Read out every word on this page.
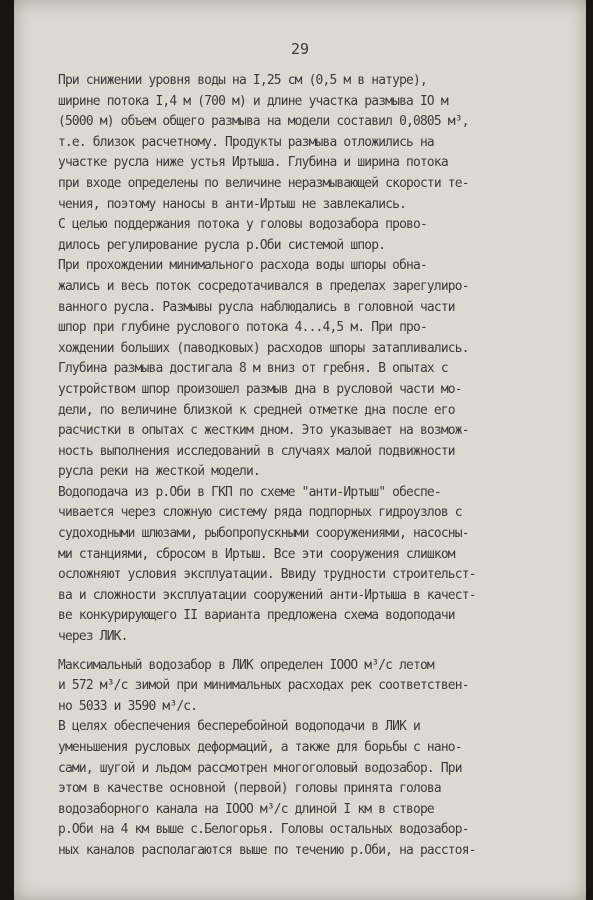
29
При снижении уровня воды на I,25 см (0,5 м в натуре),
ширине потока I,4 м (700 м) и длине участка размыва IO м
(5000 м) объем общего размыва на модели составил 0,0805 м³,
т.е. близок расчетному. Продукты размыва отложились на
участке русла ниже устья Иртыша. Глубина и ширина потока
при входе определены по величине неразмывающей скорости те-
чения, поэтому наносы в анти-Иртыш не завлекались.
С целью поддержания потока у головы водозабора прово-
дилось регулирование русла р.Оби системой шпор.
При прохождении минимального расхода воды шпоры обна-
жались и весь поток сосредотачивался в пределах зарегулиро-
ванного русла. Размывы русла наблюдались в головной части
шпор при глубине руслового потока 4...4,5 м. При про-
хождении больших (паводковых) расходов шпоры затапливались.
Глубина размыва достигала 8 м вниз от гребня. В опытах с
устройством шпор произошел размыв дна в русловой части мо-
дели, по величине близкой к средней отметке дна после его
расчистки в опытах с жестким дном. Это указывает на возмож-
ность выполнения исследований в случаях малой подвижности
русла реки на жесткой модели.
Водоподача из р.Оби в ГКП по схеме "анти-Иртыш" обеспе-
чивается через сложную систему ряда подпорных гидроузлов с
судоходными шлюзами, рыбопропускными сооружениями, насосны-
ми станциями, сбросом в Иртыш. Все эти сооружения слишком
осложняют условия эксплуатации. Ввиду трудности строительст-
ва и сложности эксплуатации сооружений анти-Иртыша в качест-
ве конкурирующего II варианта предложена схема водоподачи
через ЛИК.
Максимальный водозабор в ЛИК определен IOOO м³/с летом
и 572 м³/с зимой при минимальных расходах рек соответствен-
но 5033 и 3590 м³/с.
В целях обеспечения бесперебойной водоподачи в ЛИК и
уменьшения русловых деформаций, а также для борьбы с нано-
сами, шугой и льдом рассмотрен многоголовый водозабор. При
этом в качестве основной (первой) головы принята голова
водозаборного канала на IOOO м³/с длиной I км в створе
р.Оби на 4 км выше с.Белогорья. Головы остальных водозабор-
ных каналов располагаются выше по течению р.Оби, на расстоя-
